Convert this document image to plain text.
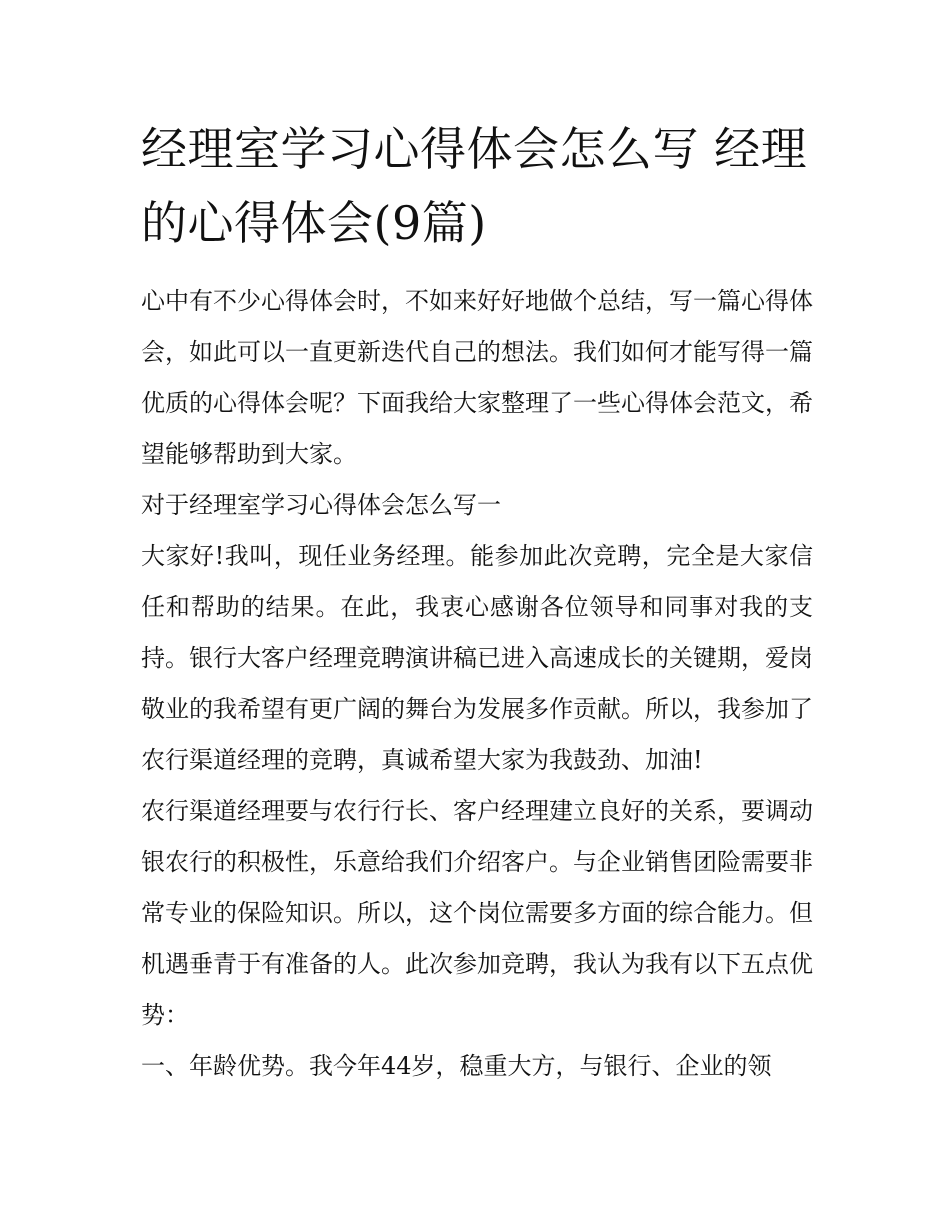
经理室学习心得体会怎么写 经理的心得体会(9篇)

心中有不少心得体会时，不如来好好地做个总结，写一篇心得体会，如此可以一直更新迭代自己的想法。我们如何才能写得一篇优质的心得体会呢？下面我给大家整理了一些心得体会范文，希望能够帮助到大家。

对于经理室学习心得体会怎么写一

大家好!我叫，现任业务经理。能参加此次竞聘，完全是大家信任和帮助的结果。在此，我衷心感谢各位领导和同事对我的支持。银行大客户经理竞聘演讲稿已进入高速成长的关键期，爱岗敬业的我希望有更广阔的舞台为发展多作贡献。所以，我参加了农行渠道经理的竞聘，真诚希望大家为我鼓劲、加油!

农行渠道经理要与农行行长、客户经理建立良好的关系，要调动银农行的积极性，乐意给我们介绍客户。与企业销售团险需要非常专业的保险知识。所以，这个岗位需要多方面的综合能力。但机遇垂青于有准备的人。此次参加竞聘，我认为我有以下五点优势：

一、年龄优势。我今年44岁，稳重大方，与银行、企业的领
